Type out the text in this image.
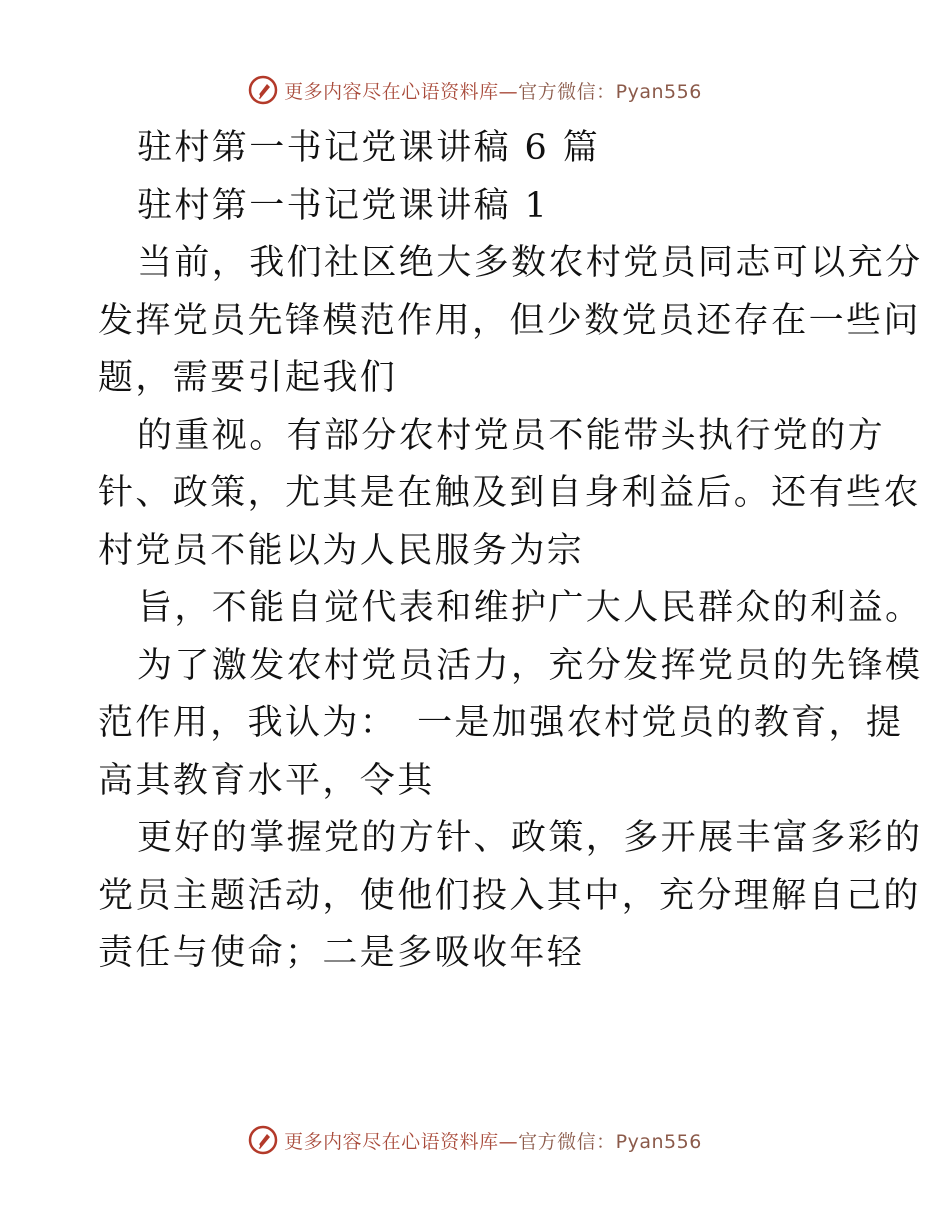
更多内容尽在心语资料库—官方微信：Pyan556
驻村第一书记党课讲稿 6 篇
驻村第一书记党课讲稿 1
当前，我们社区绝大多数农村党员同志可以充分
发挥党员先锋模范作用，但少数党员还存在一些问
题，需要引起我们
的重视。有部分农村党员不能带头执行党的方
针、政策，尤其是在触及到自身利益后。还有些农
村党员不能以为人民服务为宗
旨，不能自觉代表和维护广大人民群众的利益。
为了激发农村党员活力，充分发挥党员的先锋模
范作用，我认为：　一是加强农村党员的教育，提
高其教育水平，令其
更好的掌握党的方针、政策，多开展丰富多彩的
党员主题活动，使他们投入其中，充分理解自己的
责任与使命；二是多吸收年轻
更多内容尽在心语资料库—官方微信：Pyan556
